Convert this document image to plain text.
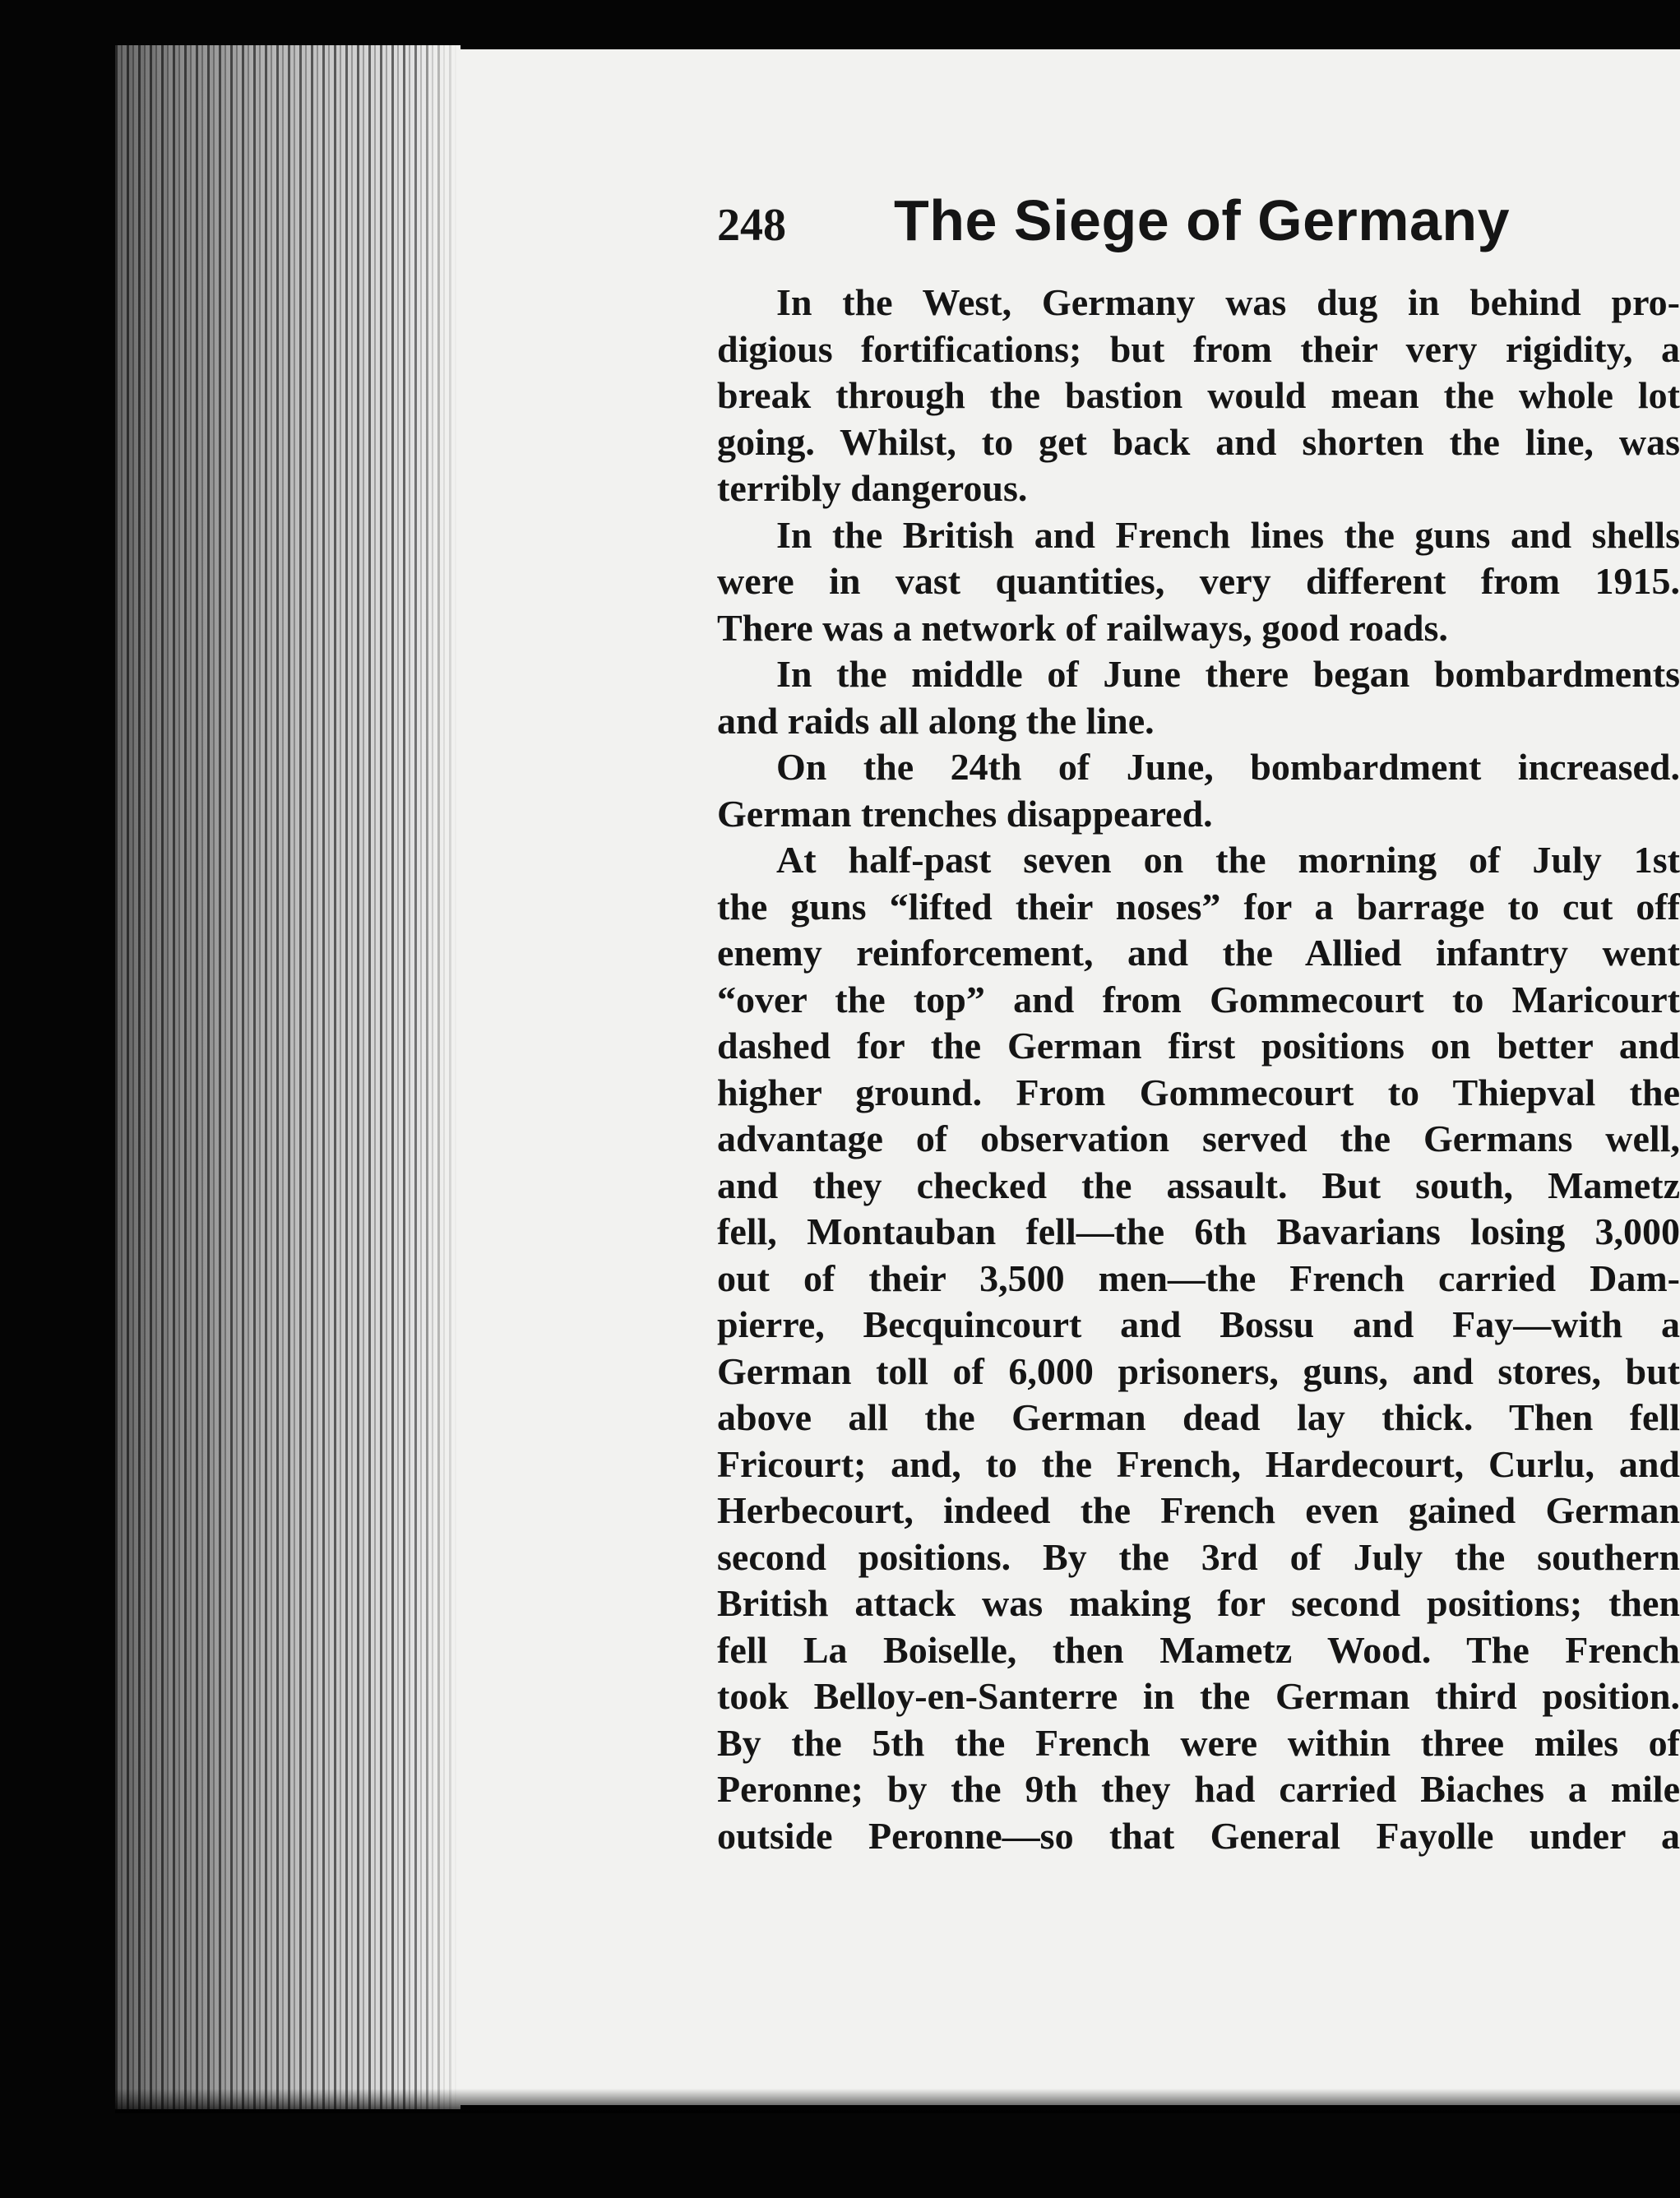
248 The Siege of Germany
In the West, Germany was dug in behind pro-
digious fortifications; but from their very rigidity, a
break through the bastion would mean the whole lot
going. Whilst, to get back and shorten the line, was
terribly dangerous.
In the British and French lines the guns and shells
were in vast quantities, very different from 1915.
There was a network of railways, good roads.
In the middle of June there began bombardments
and raids all along the line.
On the 24th of June, bombardment increased.
German trenches disappeared.
At half-past seven on the morning of July 1st
the guns “lifted their noses” for a barrage to cut off
enemy reinforcement, and the Allied infantry went
“over the top” and from Gommecourt to Maricourt
dashed for the German first positions on better and
higher ground. From Gommecourt to Thiepval the
advantage of observation served the Germans well,
and they checked the assault. But south, Mametz
fell, Montauban fell—the 6th Bavarians losing 3,000
out of their 3,500 men—the French carried Dam-
pierre, Becquincourt and Bossu and Fay—with a
German toll of 6,000 prisoners, guns, and stores, but
above all the German dead lay thick. Then fell
Fricourt; and, to the French, Hardecourt, Curlu, and
Herbecourt, indeed the French even gained German
second positions. By the 3rd of July the southern
British attack was making for second positions; then
fell La Boiselle, then Mametz Wood. The French
took Belloy-en-Santerre in the German third position.
By the 5th the French were within three miles of
Peronne; by the 9th they had carried Biaches a mile
outside Peronne—so that General Fayolle under a
